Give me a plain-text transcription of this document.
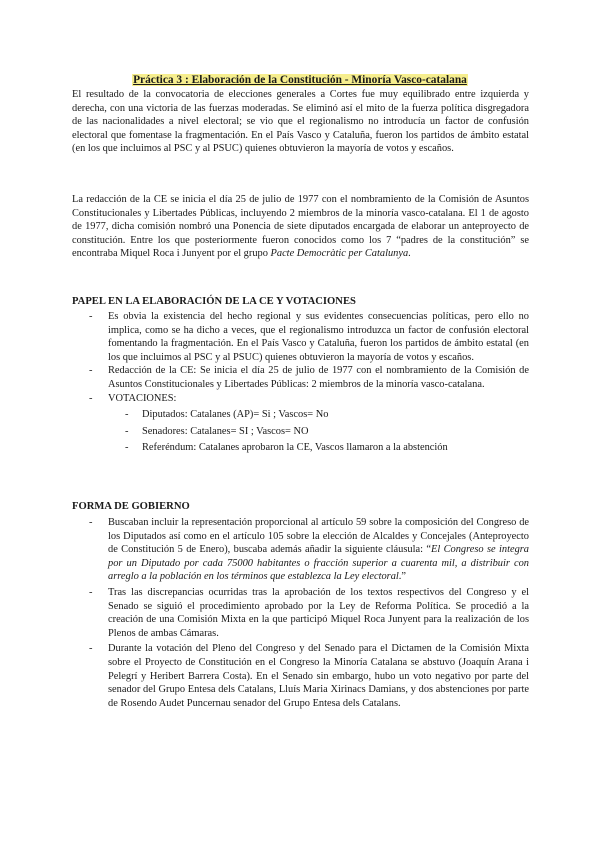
Práctica 3 : Elaboración de la Constitución - Minoría Vasco-catalana

El resultado de la convocatoria de elecciones generales a Cortes fue muy equilibrado entre izquierda y derecha, con una victoria de las fuerzas moderadas. Se eliminó así el mito de la fuerza política disgregadora de las nacionalidades a nivel electoral; se vio que el regionalismo no introducía un factor de confusión electoral que fomentase la fragmentación. En el País Vasco y Cataluña, fueron los partidos de ámbito estatal (en los que incluimos al PSC y al PSUC) quienes obtuvieron la mayoría de votos y escaños.

La redacción de la CE se inicia el día 25 de julio de 1977 con el nombramiento de la Comisión de Asuntos Constitucionales y Libertades Públicas, incluyendo 2 miembros de la minoría vasco-catalana. El 1 de agosto de 1977, dicha comisión nombró una Ponencia de siete diputados encargada de elaborar un anteproyecto de constitución. Entre los que posteriormente fueron conocidos como los 7 “padres de la constitución” se encontraba Miquel Roca i Junyent por el grupo Pacte Democràtic per Catalunya.

PAPEL EN LA ELABORACIÓN DE LA CE Y VOTACIONES

- Es obvia la existencia del hecho regional y sus evidentes consecuencias políticas, pero ello no implica, como se ha dicho a veces, que el regionalismo introduzca un factor de confusión electoral fomentando la fragmentación. En el País Vasco y Cataluña, fueron los partidos de ámbito estatal (en los que incluimos al PSC y al PSUC) quienes obtuvieron la mayoría de votos y escaños.
- Redacción de la CE: Se inicia el día 25 de julio de 1977 con el nombramiento de la Comisión de Asuntos Constitucionales y Libertades Públicas: 2 miembros de la minoría vasco-catalana.
- VOTACIONES:
- Diputados: Catalanes (AP)= Si ; Vascos= No
- Senadores: Catalanes= SI ; Vascos= NO
- Referéndum: Catalanes aprobaron la CE, Vascos llamaron a la abstención

FORMA DE GOBIERNO

- Buscaban incluir la representación proporcional al artículo 59 sobre la composición del Congreso de los Diputados así como en el artículo 105 sobre la elección de Alcaldes y Concejales (Anteproyecto de Constitución 5 de Enero), buscaba además añadir la siguiente cláusula: “El Congreso se integra por un Diputado por cada 75000 habitantes o fracción superior a cuarenta mil, a distribuir con arreglo a la población en los términos que establezca la Ley electoral.”
- Tras las discrepancias ocurridas tras la aprobación de los textos respectivos del Congreso y el Senado se siguió el procedimiento aprobado por la Ley de Reforma Política. Se procedió a la creación de una Comisión Mixta en la que participó Miquel Roca Junyent para la realización de los Plenos de ambas Cámaras.
- Durante la votación del Pleno del Congreso y del Senado para el Dictamen de la Comisión Mixta sobre el Proyecto de Constitución en el Congreso la Minoría Catalana se abstuvo (Joaquín Arana i Pelegrí y Heribert Barrera Costa). En el Senado sin embargo, hubo un voto negativo por parte del senador del Grupo Entesa dels Catalans, Lluís Maria Xirinacs Damians, y dos abstenciones por parte de Rosendo Audet Puncernau senador del Grupo Entesa dels Catalans.
